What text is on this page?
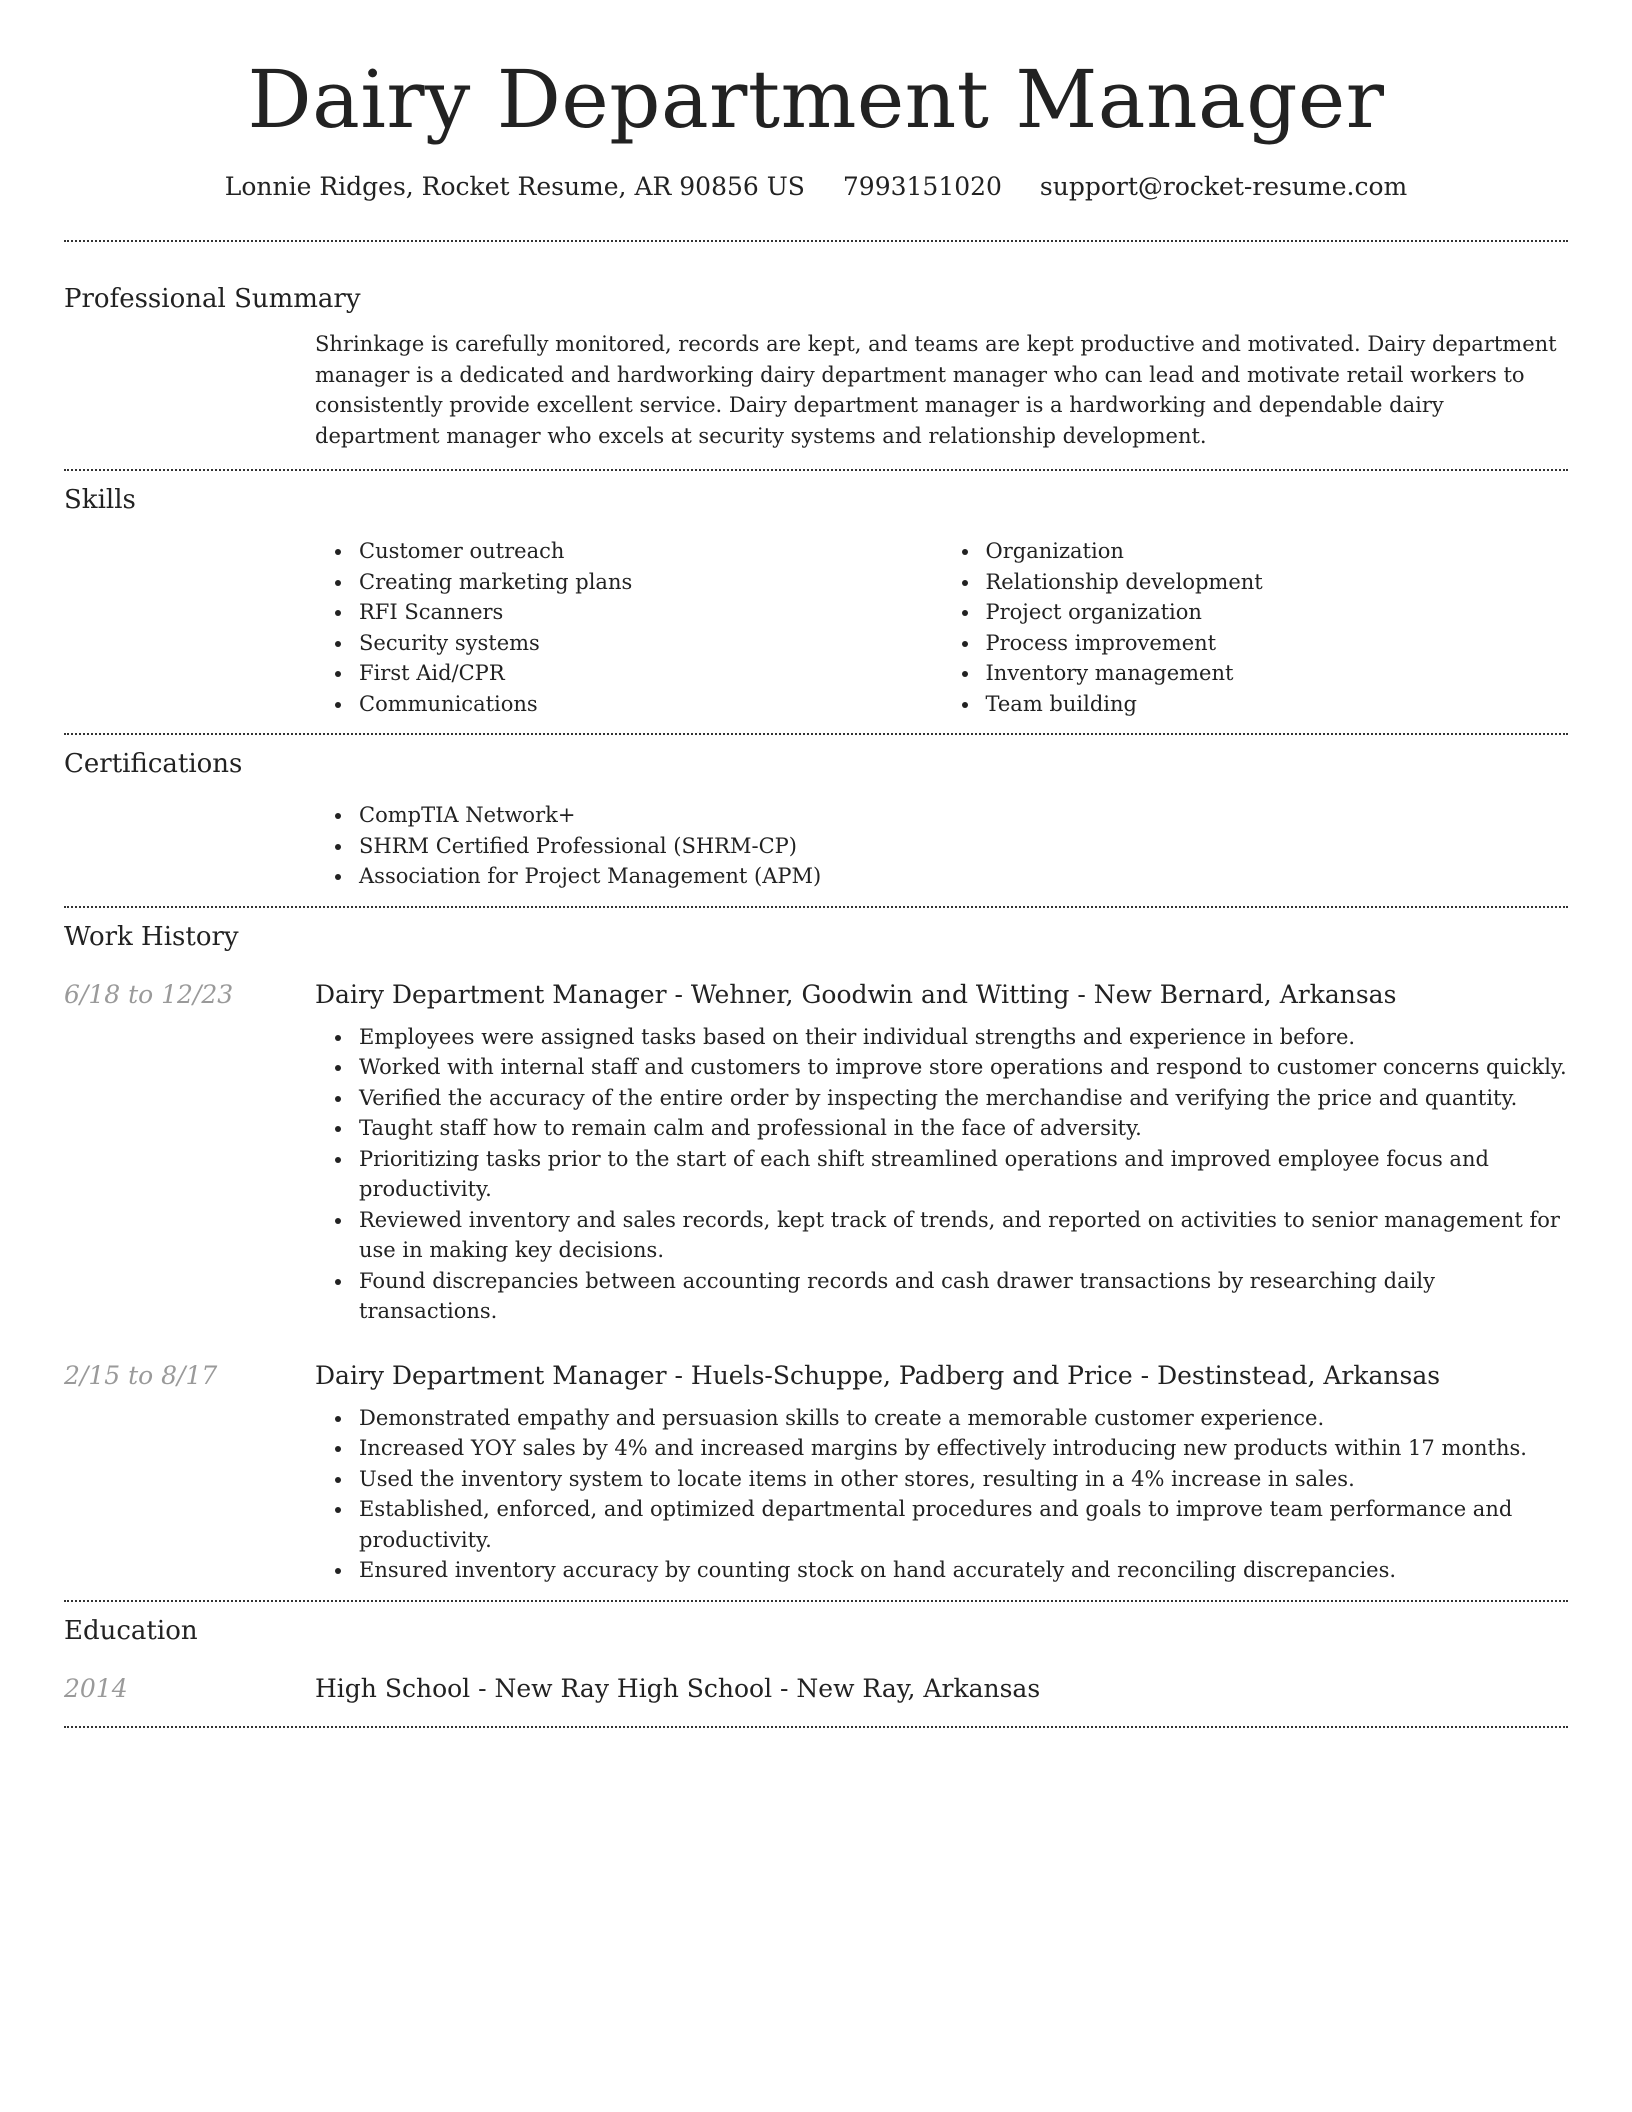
Dairy Department Manager
Lonnie Ridges, Rocket Resume, AR 90856 US 7993151020 support@rocket-resume.com
Professional Summary
Shrinkage is carefully monitored, records are kept, and teams are kept productive and motivated. Dairy department manager is a dedicated and hardworking dairy department manager who can lead and motivate retail workers to consistently provide excellent service. Dairy department manager is a hardworking and dependable dairy department manager who excels at security systems and relationship development.
Skills
Customer outreach
Creating marketing plans
RFI Scanners
Security systems
First Aid/CPR
Communications
Organization
Relationship development
Project organization
Process improvement
Inventory management
Team building
Certifications
CompTIA Network+
SHRM Certified Professional (SHRM-CP)
Association for Project Management (APM)
Work History
6/18 to 12/23	Dairy Department Manager - Wehner, Goodwin and Witting - New Bernard, Arkansas
Employees were assigned tasks based on their individual strengths and experience in before.
Worked with internal staff and customers to improve store operations and respond to customer concerns quickly.
Verified the accuracy of the entire order by inspecting the merchandise and verifying the price and quantity.
Taught staff how to remain calm and professional in the face of adversity.
Prioritizing tasks prior to the start of each shift streamlined operations and improved employee focus and productivity.
Reviewed inventory and sales records, kept track of trends, and reported on activities to senior management for use in making key decisions.
Found discrepancies between accounting records and cash drawer transactions by researching daily transactions.
2/15 to 8/17	Dairy Department Manager - Huels-Schuppe, Padberg and Price - Destinstead, Arkansas
Demonstrated empathy and persuasion skills to create a memorable customer experience.
Increased YOY sales by 4% and increased margins by effectively introducing new products within 17 months.
Used the inventory system to locate items in other stores, resulting in a 4% increase in sales.
Established, enforced, and optimized departmental procedures and goals to improve team performance and productivity.
Ensured inventory accuracy by counting stock on hand accurately and reconciling discrepancies.
Education
2014	High School - New Ray High School - New Ray, Arkansas
